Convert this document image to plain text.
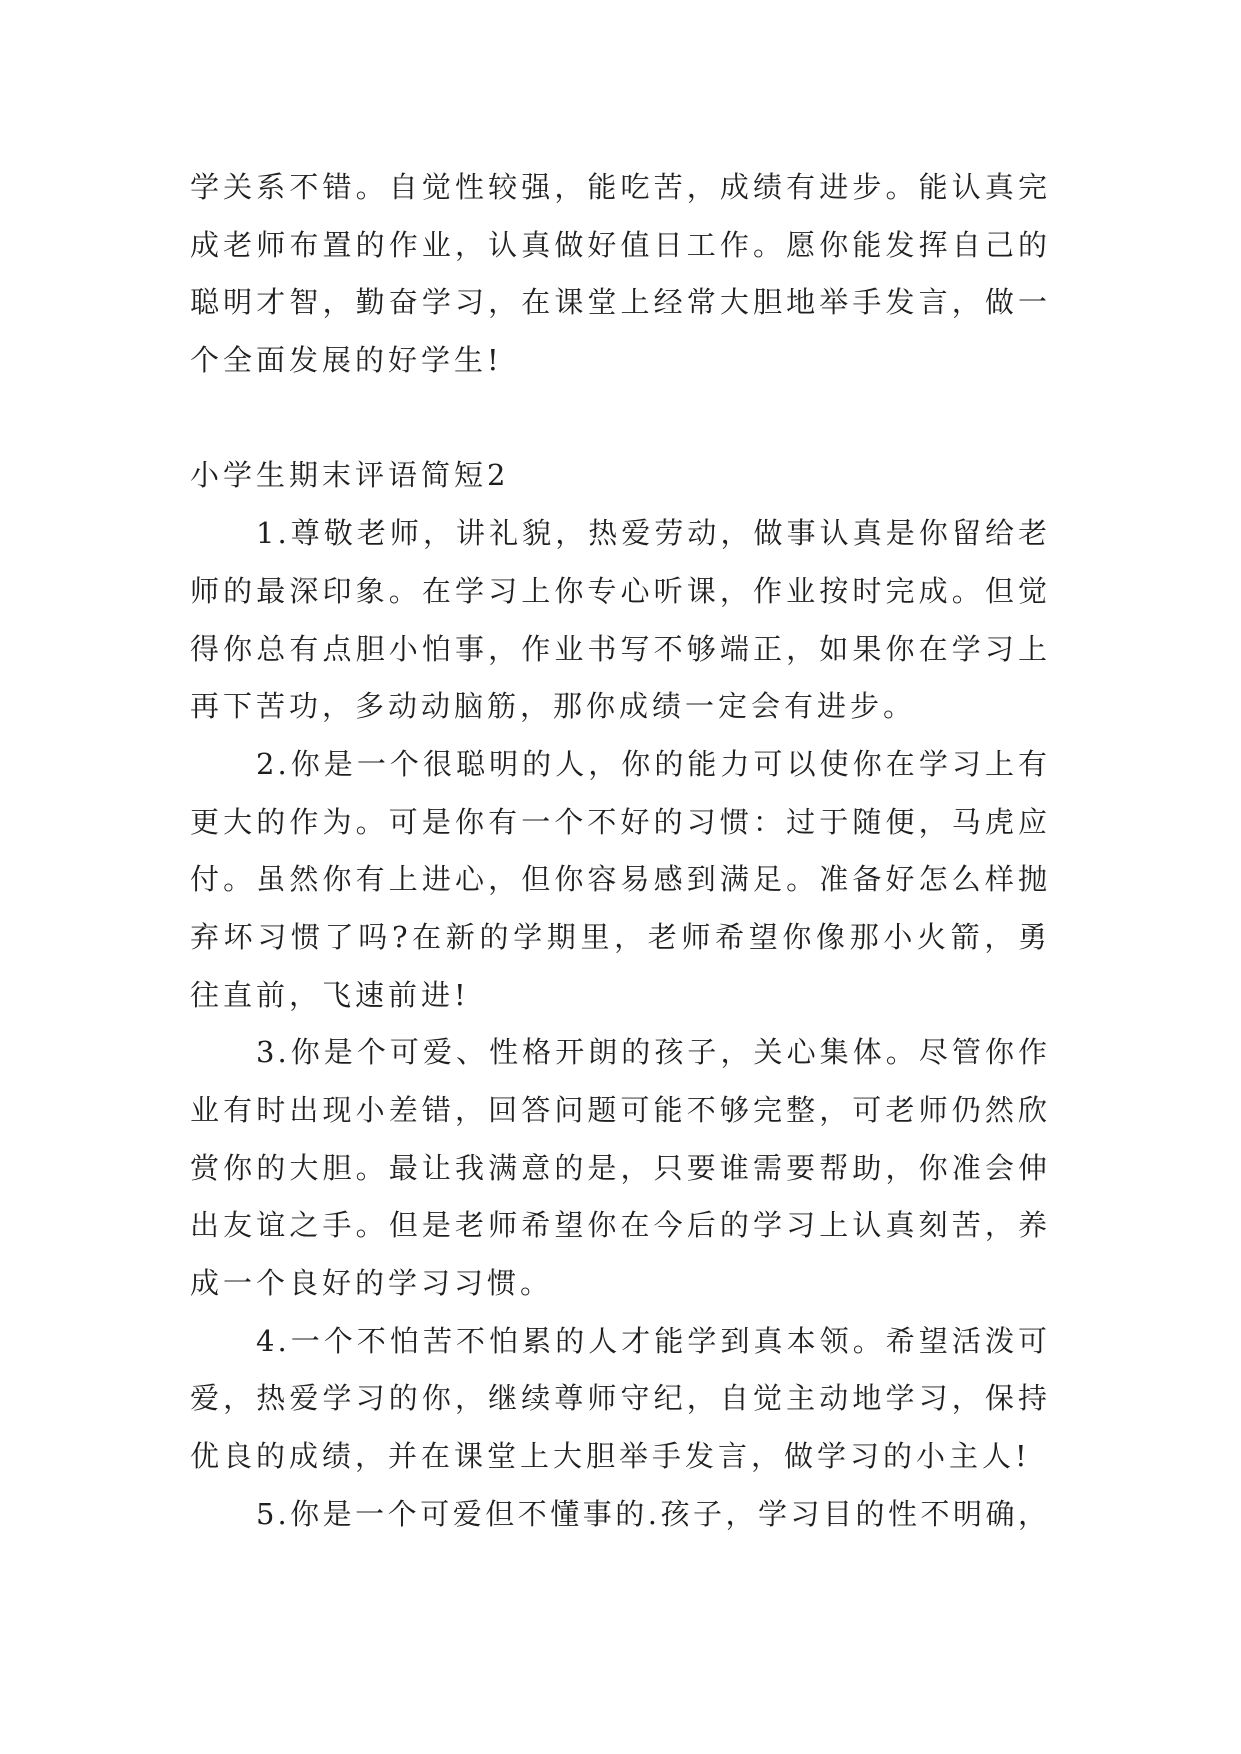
学关系不错。自觉性较强，能吃苦，成绩有进步。能认真完
成老师布置的作业，认真做好值日工作。愿你能发挥自己的
聪明才智，勤奋学习，在课堂上经常大胆地举手发言，做一
个全面发展的好学生!
小学生期末评语简短2
1.尊敬老师，讲礼貌，热爱劳动，做事认真是你留给老
师的最深印象。在学习上你专心听课，作业按时完成。但觉
得你总有点胆小怕事，作业书写不够端正，如果你在学习上
再下苦功，多动动脑筋，那你成绩一定会有进步。
2.你是一个很聪明的人，你的能力可以使你在学习上有
更大的作为。可是你有一个不好的习惯：过于随便，马虎应
付。虽然你有上进心，但你容易感到满足。准备好怎么样抛
弃坏习惯了吗?在新的学期里，老师希望你像那小火箭，勇
往直前，飞速前进!
3.你是个可爱、性格开朗的孩子，关心集体。尽管你作
业有时出现小差错，回答问题可能不够完整，可老师仍然欣
赏你的大胆。最让我满意的是，只要谁需要帮助，你准会伸
出友谊之手。但是老师希望你在今后的学习上认真刻苦，养
成一个良好的学习习惯。
4.一个不怕苦不怕累的人才能学到真本领。希望活泼可
爱，热爱学习的你，继续尊师守纪，自觉主动地学习，保持
优良的成绩，并在课堂上大胆举手发言，做学习的小主人!
5.你是一个可爱但不懂事的.孩子，学习目的性不明确，
